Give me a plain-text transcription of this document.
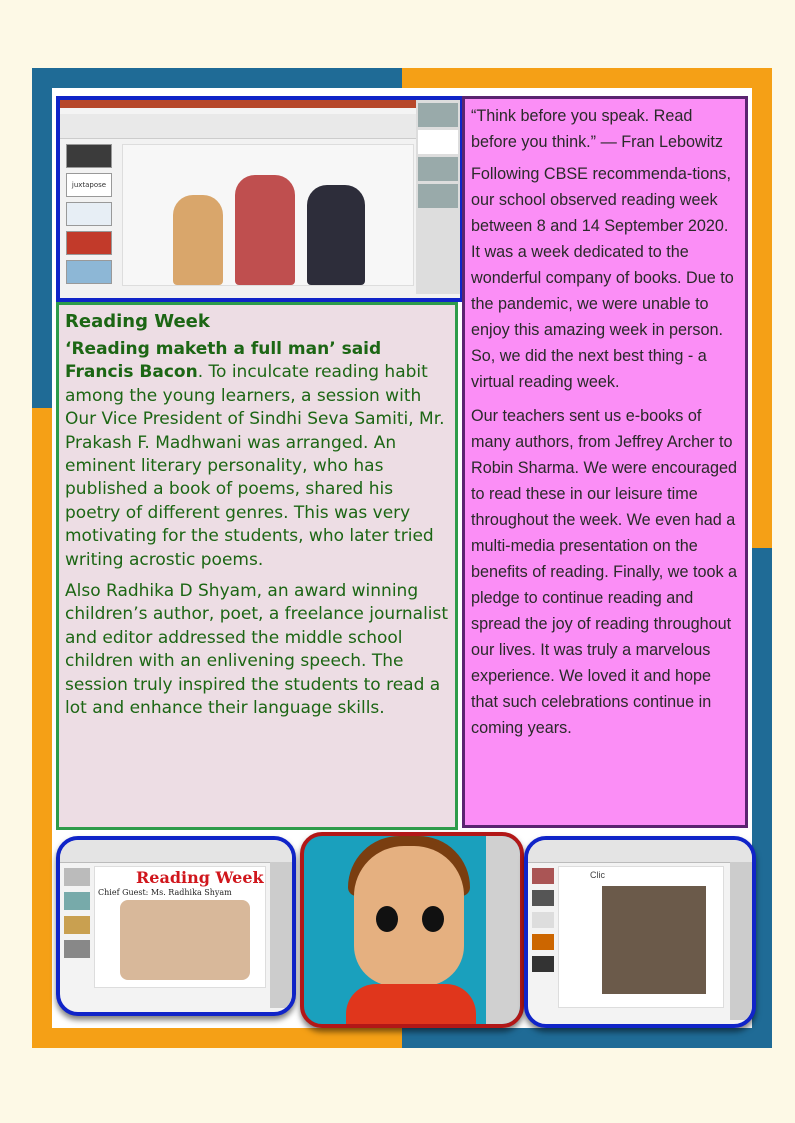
juxtapose
Reading Week

‘Reading maketh a full man’ said Francis Bacon. To inculcate reading habit among the young learners, a session with Our Vice President of Sindhi Seva Samiti, Mr. Prakash F. Madhwani was arranged. An eminent literary personality, who has published a book of poems, shared his poetry of different genres. This was very motivating for the students, who later tried writing acrostic poems.

Also Radhika D Shyam, an award winning children’s author, poet, a freelance journalist and editor addressed the middle school children with an enlivening speech. The session truly inspired the students to read a lot and enhance their language skills.

“Think before you speak. Read before you think.” — Fran Lebowitz

Following CBSE recommenda-tions, our school observed reading week between 8 and 14 September 2020. It was a week dedicated to the wonderful company of books. Due to the pandemic, we were unable to enjoy this amazing week in person. So, we did the next best thing - a virtual reading week.

Our teachers sent us e-books of many authors, from Jeffrey Archer to Robin Sharma. We were encouraged to read these in our leisure time throughout the week. We even had a multi-media presentation on the benefits of reading. Finally, we took a pledge to continue reading and spread the joy of reading throughout our lives. It was truly a marvelous experience. We loved it and hope that such celebrations continue in coming years.

Reading Week
Chief Guest: Ms. Radhika Shyam
Clic
